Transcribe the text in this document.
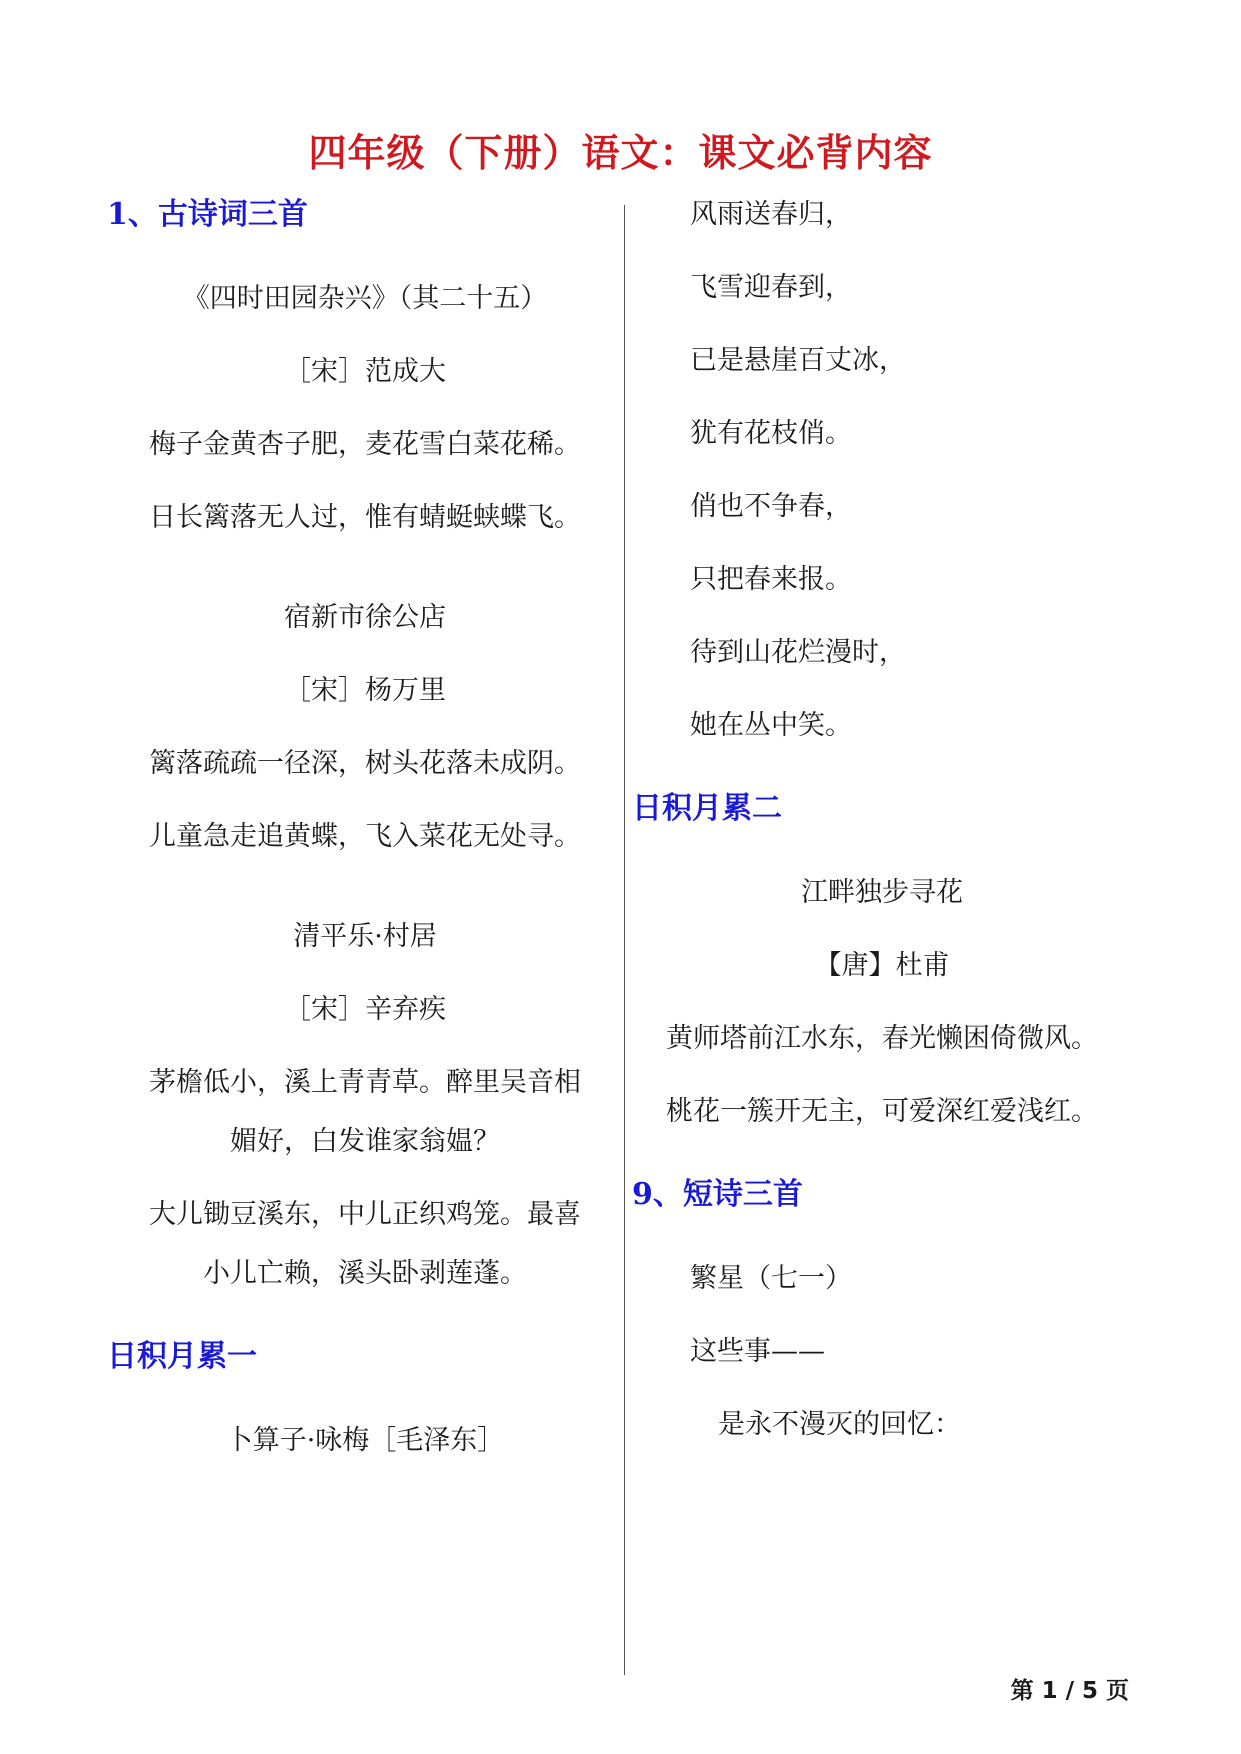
四年级（下册）语文：课文必背内容
1、古诗词三首
《四时田园杂兴》（其二十五）
［宋］范成大
梅子金黄杏子肥，麦花雪白菜花稀。
日长篱落无人过，惟有蜻蜓蛱蝶飞。
宿新市徐公店
［宋］杨万里
篱落疏疏一径深，树头花落未成阴。
儿童急走追黄蝶，飞入菜花无处寻。
清平乐·村居
［宋］辛弃疾
茅檐低小，溪上青青草。醉里吴音相
媚好，白发谁家翁媪？
大儿锄豆溪东，中儿正织鸡笼。最喜
小儿亡赖，溪头卧剥莲蓬。
日积月累一
卜算子·咏梅［毛泽东］
风雨送春归，
飞雪迎春到，
已是悬崖百丈冰，
犹有花枝俏。
俏也不争春，
只把春来报。
待到山花烂漫时，
她在丛中笑。
日积月累二
江畔独步寻花
【唐】杜甫
黄师塔前江水东，春光懒困倚微风。
桃花一簇开无主，可爱深红爱浅红。
9、短诗三首
繁星（七一）
这些事——
是永不漫灭的回忆：
第 1 / 5 页
